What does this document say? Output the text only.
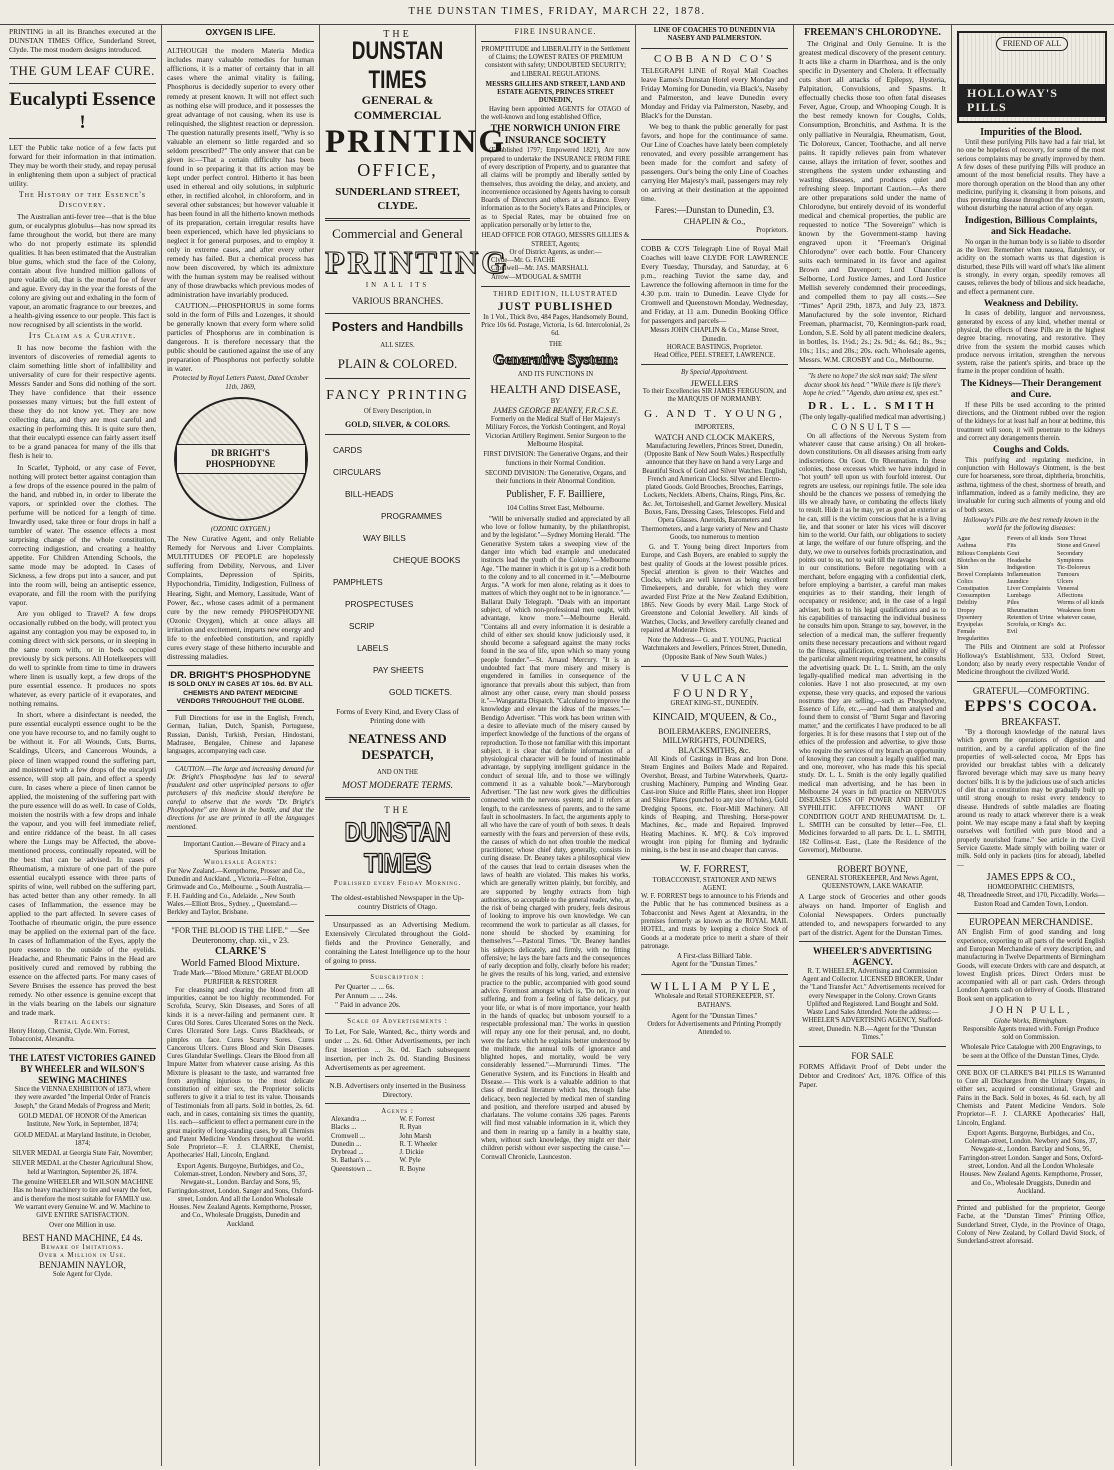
THE DUNSTAN TIMES, FRIDAY, MARCH 22, 1878.

PRINTING in all its Branches executed at the DUNSTAN TIMES Office, Sunderland Street, Clyde. The most modern designs introduced.

THE GUM LEAF CURE.
Eucalypti Essence !

LET the Public take notice of a few facts put forward for their information in that intimation. They may be worth their study, and repay perusal in enlightening them upon a subject of practical utility.

The History of the Essence's Discovery.

The Australian anti-fever tree—that is the blue gum, or eucalyptus globulus—has now spread its fame throughout the world, but there are many who do not properly estimate its splendid qualities. It has been estimated that the Australian blue gums, which stud the face of the Colony, contain about five hundred million gallons of pure volatile oil, that is the mortal foe of fever and ague. Every day in the year the forests of the colony are giving out and exhaling in the form of vapour, an aromatic fragrance to our breezes, and a health-giving essence to our people. This fact is now recognised by all scientists in the world.

Its Claim as a Curative.

It has now become the fashion with the inventors of discoveries of remedial agents to claim something little short of infallibility and universality of cure for their respective agents. Messrs Sander and Sons did nothing of the sort. They have confidence that their essence possesses many virtues; but the full extent of these they do not know yet. They are now collecting data, and they are most careful and exacting in performing this. It is quite sure then, that their eucalypti essence can fairly assert itself to be a grand panacea for many of the ills that flesh is heir to.

In Scarlet, Typhoid, or any case of Fever, nothing will protect better against contagion than a few drops of the essence poured in the palm of the hand, and rubbed in, in order to liberate the vapors, or sprinkled over the clothes. The perfume will be noticed for a length of time. Inwardly used, take three or four drops in half a tumbler of water. The essence effects a most surprising change of the whole constitution, correcting indigestion, and creating a healthy appetite. For Children Attending Schools, the same mode may be adopted. In Cases of Sickness, a few drops put into a saucer, and put into the room will, being an antiseptic essence, evaporate, and fill the room with the purifying vapor.

Are you obliged to Travel? A few drops occasionally rubbed on the body, will protect you against any contagion you may be exposed to, in coming direct with sick persons, or in sleeping in the same room with, or in beds occupied previously by sick persons. All Hotelkeepers will do well to sprinkle from time to time in drawers where linen is usually kept, a few drops of the pure essential essence. It produces no spots whatever, as every particle of it evaporates, and nothing remains.

In short, where a disinfectant is needed, the pure essential eucalypti essence ought to be the one you have recourse to, and no family ought to be without it. For all Wounds, Cuts, Burns, Scaldings, Ulcers, and Cancerous Wounds, a piece of linen wrapped round the suffering part, and moistened with a few drops of the eucalypti essence, will stop all pain, and effect a speedy cure. In cases where a piece of linen cannot be applied, the moistening of the suffering part with the pure essence will do as well. In case of Colds, moisten the nostrils with a few drops and inhale the vapour, and you will feel immediate relief, and entire riddance of the beast. In all cases where the Lungs may be Affected, the above-mentioned process, continually repeated, will be the best that can be advised. In cases of Rheumatism, a mixture of one part of the pure essential eucalypti essence with three parts of spirits of wine, well rubbed on the suffering part, has acted better than any other remedy. In all cases of Inflammation, the essence may be applied to the part affected. In severe cases of Toothache of rheumatic origin, the pure essence may be applied on the external part of the face. In cases of Inflammation of the Eyes, apply the pure essence to the outside of the eyelids. Headache, and Rheumatic Pains in the Head are positively cured and removed by rubbing the essence on the affected parts. For many cases of Severe Bruises the essence has proved the best remedy. No other essence is genuine except that in the vials bearing on the labels our signature and trade mark.

Retail Agents:

Henry Hotop, Chemist, Clyde. Wm. Forrest, Tobacconist, Alexandra.

THE LATEST VICTORIES GAINED BY WHEELER and WILSON'S SEWING MACHINES

Since the VIENNA EXHIBITION of 1873, where they were awarded "the Imperial Order of Francis Joseph," the Grand Medals of Progress and Merit;

GOLD MEDAL OF HONOR Of the American Institute, New York, in September, 1874;

GOLD MEDAL at Maryland Institute, in October, 1874;

SILVER MEDAL at Georgia State Fair, November;

SILVER MEDAL at the Chester Agricultural Show, held at Warrington, September 26, 1874.

The genuine WHEELER and WILSON MACHINE Has no heavy machinery to tire and weary the feet, and is therefore the most suitable for FAMILY use. We warrant every Genuine W. and W. Machine to GIVE ENTIRE SATISFACTION.

Over one Million in use.

BEST HAND MACHINE, £4 4s.
Beware of Imitations.
Over a Million in Use.
BENJAMIN NAYLOR,
Sole Agent for Clyde.
OXYGEN IS LIFE.

ALTHOUGH the modern Materia Medica includes many valuable remedies for human afflictions, it is a matter of certainty that in all cases where the animal vitality is failing, Phosphorus is decidedly superior to every other remedy at present known. It will not effect such as nothing else will produce, and it possesses the great advantage of not causing, when its use is relinquished, the slightest reaction or depression. The question naturally presents itself, "Why is so valuable an element so little regarded and so seldom prescribed?" The only answer that can be given is:—That a certain difficulty has been found in so preparing it that its action may be kept under perfect control. Hitherto it has been used in ethereal and oily solutions, in sulphuric ether, in rectified alcohol, in chloroform, and in several other substances; but however valuable it has been found in all the hitherto known methods of its preparation, certain irregular results have been experienced, which have led physicians to neglect it for general purposes, and to employ it only in extreme cases, and after every other remedy has failed. But a chemical process has now been discovered, by which its admixture with the human system may be realised without any of those drawbacks which previous modes of administration have invariably produced.

CAUTION.—PHOSPHORUS in some forms sold in the form of Pills and Lozenges, it should be generally known that every form where solid particles of Phosphorus are in combination is dangerous. It is therefore necessary that the public should be cautioned against the use of any preparation of Phosphorus not perfectly soluble in water.

Protected by Royal Letters Patent, Dated October 11th, 1869,
DR BRIGHT'S PHOSPHODYNE
(OZONIC OXYGEN.)

The New Curative Agent, and only Reliable Remedy for Nervous and Liver Complaints. MULTITUDES OF PEOPLE are hopelessly suffering from Debility, Nervous, and Liver Complaints, Depression of Spirits, Hypochondria, Timidity, Indigestion, Fullness of Hearing, Sight, and Memory, Lassitude, Want of Power, &c., whose cases admit of a permanent cure by the new remedy PHOSPHODYNE (Ozonic Oxygen), which at once allays all irritation and excitement, imparts new energy and life to the enfeebled constitution, and rapidly cures every stage of these hitherto incurable and distressing maladies.

DR. BRIGHT'S PHOSPHODYNE
IS SOLD ONLY IN CASES AT 10s. 6d. BY ALL CHEMISTS AND PATENT MEDICINE VENDORS THROUGHOUT THE GLOBE.

Full Directions for use in the English, French, German, Italian, Dutch, Spanish, Portuguese, Russian, Danish, Turkish, Persian, Hindostani, Madrasee, Bengalee, Chinese and Japanese languages, accompanying each case.

CAUTION.—The large and increasing demand for Dr. Bright's Phosphodyne has led to several fraudulent and other unprincipled persons to offer purchasers of this medicine should therefore be careful to observe that the words "Dr. Bright's Phosphodyne" are blown in the bottle, and that the directions for use are printed in all the languages mentioned.

Important Caution.—Beware of Piracy and a Spurious Imitation.

Wholesale Agents:

For New Zealand.—Kempthorne, Prosser and Co., Dunedin and Auckland. „ Victoria.—Felton, Grimwade and Co., Melbourne. „ South Australia.—F. H. Faulding and Co., Adelaide. „ New South Wales.—Elliott Bros., Sydney. „ Queensland.—Berkley and Taylor, Brisbane.

"FOR THE BLOOD IS THE LIFE." —See Deuteronomy, chap. xii., v 23.
CLARKE'S
World Famed Blood Mixture.
Trade Mark—"Blood Mixture." GREAT BLOOD PURIFIER & RESTORER

For cleansing and clearing the blood from all impurities, cannot be too highly recommended. For Scrofula, Scurvy, Skin Diseases, and Sores of all kinds it is a never-failing and permanent cure. It Cures Old Sores. Cures Ulcerated Sores on the Neck. Cures Ulcerated Sore Legs. Cures Blackheads, or pimples on face. Cures Scurvy Sores. Cures Cancerous Ulcers. Cures Blood and Skin Diseases. Cures Glandular Swellings. Clears the Blood from all Impure Matter from whatever cause arising. As this Mixture is pleasant to the taste, and warranted free from anything injurious to the most delicate constitution of either sex, the Proprietor solicits sufferers to give it a trial to test its value. Thousands of Testimonials from all parts. Sold in bottles, 2s. 6d. each, and in cases, containing six times the quantity, 11s. each—sufficient to effect a permanent cure in the great majority of long-standing cases, by all Chemists and Patent Medicine Vendors throughout the world. Sole Proprietor—F. J. CLARKE, Chemist, Apothecaries' Hall, Lincoln, England.

Export Agents. Burgoyne, Burbidges, and Co., Coleman-street, London. Newbery and Sons, 37, Newgate-st., London. Barclay and Sons, 95, Farringdon-street, London. Sanger and Sons, Oxford-street, London. And all the London Wholesale Houses. New Zealand Agents. Kempthorne, Prosser, and Co., Wholesale Druggists, Dunedin and Auckland.

THE
DUNSTAN TIMES
GENERAL & COMMERCIAL
PRINTING
OFFICE,
SUNDERLAND STREET, CLYDE.
Commercial and General
PRINTING
IN ALL ITS
VARIOUS BRANCHES.
Posters and Handbills
ALL SIZES.
PLAIN & COLORED.
FANCY PRINTING
Of Every Description, in
GOLD, SILVER, & COLORS.
CARDS
CIRCULARS
BILL-HEADS
PROGRAMMES
WAY BILLS
CHEQUE BOOKS
PAMPHLETS
PROSPECTUSES
SCRIP
LABELS
PAY SHEETS
GOLD TICKETS.

Forms of Every Kind, and Every Class of Printing done with

NEATNESS AND DESPATCH,
AND ON THE
MOST MODERATE TERMS.
THE
DUNSTAN TIMES
Published every Friday Morning.

The oldest-established Newspaper in the Up-country Districts of Otago.

Unsurpassed as an Advertising Medium. Extensively Circulated throughout the Gold-fields and the Province Generally, and containing the Latest Intelligence up to the hour of going to press.

Subscription :
Per Quarter ... ... 6s.
Per Annum ... ... 24s.
" Paid in advance 20s.
Scale of Advertisements :

To Let, For Sale, Wanted, &c., thirty words and under ... 2s. 6d. Other Advertisements, per inch first insertion ... 3s. 0d. Each subsequent insertion, per inch 2s. 0d. Standing Business Advertisements as per agreement.

N.B. Advertisers only inserted in the Business Directory.

Agents :
Alexandra ...	W. F. Forrest
Blacks ...	R. Ryan
Cromwell ...	John Marsh
Dunedin ...	R. T. Wheeler
Drybread ...	J. Dickie
St. Bathan's ...	W. Pyle
Queenstown ...	R. Boyne
FIRE INSURANCE.

PROMPTITUDE and LIBERALITY in the Settlement of Claims; the LOWEST RATES OF PREMIUM consistent with safety; UNDOUBTED SECURITY; and LIBERAL REGULATIONS.

MESSRS GILLIES AND STREET, LAND AND ESTATE AGENTS, PRINCES STREET DUNEDIN,

Having been appointed AGENTS for OTAGO of the well-known and long established Office,

THE NORWICH UNION FIRE INSURANCE SOCIETY

(Established 1797; Empowered 1821), Are now prepared to undertake the INSURANCE FROM FIRE of every description of Property, and to guarantee that all claims will be promptly and liberally settled by themselves, thus avoiding the delay, and anxiety, and inconvenience occasioned by Agents having to consult Boards of Directors and others at a distance. Every information as to the Society's Rates and Principles, or as to Special Rates, may be obtained free on application personally or by letter to the,

HEAD OFFICE FOR OTAGO, MESSRS GILLIES & STREET, Agents;
Or of District Agents, as under:—
Clyde—Mr. G. FACHE
Cromwell—Mr. JAS. MARSHALL
Arrow—M'DOUGAL & SMITH
THIRD EDITION, ILLUSTRATED
JUST PUBLISHED

In 1 Vol., Thick 8vo, 484 Pages, Handsomely Bound, Price 10s 6d. Postage, Victoria, 1s 6d. Intercolonial, 2s 6d.

THE
Generative System:
AND ITS FUNCTIONS IN
HEALTH AND DISEASE,
BY
JAMES GEORGE BEANEY, F.R.C.S.E.

Formerly on the Medical Staff of Her Majesty's Military Forces, the Yorkish Contingent, and Royal Victorian Artillery Regiment. Senior Surgeon to the Melbourne Hospital.

FIRST DIVISION: The Generative Organs, and their functions in their Normal Condition.

SECOND DIVISION: The Generative, Organs, and their functions in their Abnormal Condition.

Publisher, F. F. Bailliere,
104 Collins Street East, Melbourne.

"Will be universally studied and appreciated by all who love or follow humanity, by the philanthropist, and by the legislator."—Sydney Morning Herald. "The Generative System takes a sweeping view of the danger into which bad example and uneducated instincts lead the youth of the Colony."—Melbourne Age. "The manner in which it is got up is a credit both to the colony and to all concerned in it."—Melbourne Argus. "A work for men alone, relating as it does to matters of which they ought not to be in ignorance."—Ballarat Daily Telegraph. "Deals with an important subject, of which non-professional men ought, with advantage, know more."—Melbourne Herald. "Contains all and every information it is desirable a child of either sex should know judiciously used, it should become a safeguard against the many rocks found in the sea of life, upon which so many young people founder."—St. Arnaud Mercury. "It is an undoubted fact that more misery and misery is engendered in families in consequence of the ignorance that prevails about this subject, than from almost any other cause, every man should possess it."—Wangaratta Dispatch. "Calculated to improve the knowledge and elevate the ideas of the masses."—Bendigo Advertiser. "This work has been written with a desire to alleviate much of the misery caused by imperfect knowledge of the functions of the organs of reproduction. To those not familiar with this important subject, it is clear that definite information of a physiological character will be found of inestimable advantage, by supplying intelligent guidance in the conduct of sexual life, and to those we willingly commend it as a valuable book."—Maryborough Advertiser. "The last new work gives the difficulties connected with the nervous system; and it refers at length, to the carelessness of parents, and to the same fault in schoolmasters. In fact, the arguments apply to all who have the care of youth of both sexes. It deals earnestly with the fears and perversion of these evils, the causes of which do not often trouble the medical practitioner, whose chief duty, generally, consists in curing disease. Dr. Beaney takes a philosophical view of the causes that lead to certain diseases when the laws of health are violated. This makes his works, which are generally written plainly, but forcibly, and are supported by lengthy extracts from high authorities, so acceptable to the general reader, who, at the risk of being charged with prudery, feels desirous of looking to improve his own knowledge. We can recommend the work to particular as all classes, for none should be shocked by examining for themselves."—Pastoral Times. "Dr. Beaney handles his subjects delicately, and firmly, with no fitting offensive; he lays the bare facts and the consequences of early deception and folly, clearly before his reader; he gives the results of his long, varied, and extensive practice to the public, accompanied with good sound advice. Foremost amongst which is, 'Do not, in your suffering, and from a feeling of false delicacy, put your life, or what is of more importance, your health in the hands of quacks; but unbosom yourself to a respectable professional man.' The works in question will repay any one for their perusal, and, no doubt, were the facts which he explains better understood by the multitude, the annual tolls of ignorance and blighted hopes, and mortality, would be very considerably lessened."—Murrurundi Times. "The Generative System, and its Functions in Health and Disease.— This work is a valuable addition to that class of medical literature which has, through false delicacy, been neglected by medical men of standing and position, and therefore usurped and abused by charlatans. The volume contains 326 pages. Parents will find most valuable information in it, which they and them in rearing up a family in a healthy state, when, without such knowledge, they might err their children perish without ever suspecting the cause."—Cornwall Chronicle, Launceston.

LINE OF COACHES TO DUNEDIN VIA NASEBY AND PALMERSTON.
COBB AND CO'S

TELEGRAPH LINE of Royal Mail Coaches leave Eames's Dunstan Hotel every Monday and Friday Morning for Dunedin, via Black's, Naseby and Palmerston, and leave Dunedin every Monday and Friday via Palmerston, Naseby, and Black's for the Dunstan.

We beg to thank the public generally for past favors, and hope for the continuance of same. Our Line of Coaches have lately been completely renovated, and every possible arrangement has been made for the comfort and safety of passengers. Our's being the only Line of Coaches carrying Her Majesty's mail, passengers may rely on arriving at their destination at the appointed time.

Fares:—Dunstan to Dunedin, £3.
CHAPLIN & Co.,
Proprietors.

COBB & CO'S Telegraph Line of Royal Mail Coaches will leave CLYDE FOR LAWRENCE Every Tuesday, Thursday, and Saturday, at 6 p.m., reaching Tuviot the same day, and Lawrence the following afternoon in time for the 4.30 p.m. train to Dunedin. Leave Clyde for Cromwell and Queenstown Monday, Wednesday, and Friday, at 11 a.m. Dunedin Booking Office for passengers and parcels—

Messrs JOHN CHAPLIN & Co., Manse Street, Dunedin.
HORACE BASTINGS, Proprietor.
Head Office, PEEL STREET, LAWRENCE.
By Special Appointment.
JEWELLERS
To their Excellencies SIR JAMES FERGUSON, and the MARQUIS OF NORMANBY.
G. AND T. YOUNG,
IMPORTERS,
WATCH AND CLOCK MAKERS,

Manufacturing Jewellers, Princes Street, Dunedin, (Opposite Bank of New South Wales.) Respectfully announce that they have on hand a very Large and Beautiful Stock of Gold and Silver Watches. English, French and American Clocks. Silver and Electro-plated Goods. Gold Brooches, Brooches, Earrings, Lockets, Necklets. Alberts, Chains, Rings, Pins, &c. &c. Jet, Tortoiseshell, and Garnet Jewellery. Musical Boxes, Fans, Dressing Cases, Telescopes. Field and Opera Glasses. Aneroids, Barometers and Thermometers, and a large variety of New and Chaste Goods, too numerous to mention

G. and T. Young being direct Importers from Europe, and Cash Buyers, are enabled to supply the best quality of Goods at the lowest possible prices. Special attention is given to their Watches and Clocks, which are well known as being excellent Timekeepers, and durable, for which they were awarded First Prize at the New Zealand Exhibition, 1865. New Goods by every Mail. Large Stock of Greenstone and Colonial Jewellery. All kinds of Watches, Clocks, and Jewellery carefully cleaned and repaired at Moderate Prices.

Note the Address— G. and T. YOUNG, Practical Watchmakers and Jewellers, Princes Street, Dunedin, (Opposite Bank of New South Wales.)

VULCAN FOUNDRY,
GREAT KING-ST., DUNEDIN.
KINCAID, M'QUEEN, & Co.,
BOILERMAKERS, ENGINEERS, MILLWRIGHTS, FOUNDERS, BLACKSMITHS, &c.

All Kinds of Castings in Brass and Iron Done. Steam Engines and Boilers Made and Repaired. Overshot, Breast, and Turbine Waterwheels, Quartz-crushing Machinery, Pumping and Winding Gear. Cast-iron Sluice and Riffle Plates, sheet iron Hopper and Sluice Plates (punched to any size of holes), Gold Dredging Spoons, etc. Flour-Mill Machinery. All kinds of Reaping, and Threshing, Horse-power Machines, &c., made and Repaired. Improved Heating Machines. K. M'Q. & Co's improved wrought iron piping for fluming and hydraulic mining, is the best in use and cheaper than canvas.

W. F. FORREST,
TOBACCONIST, STATIONER AND NEWS AGENT.

W. F. FORREST begs to announce to his Friends and the Public that he has commenced business as a Tobacconist and News Agent at Alexandra, in the premises formerly as known as the ROYAL MAIL HOTEL, and trusts by keeping a choice Stock of Goods at a moderate price to merit a share of their patronage.

A First-class Billiard Table.
Agent for the "Dunstan Times."
WILLIAM PYLE,
Wholesale and Retail STOREKEEPER, ST. BATHAN'S.
Agent for the "Dunstan Times."
Orders for Advertisements and Printing Promptly Attended to.
FREEMAN'S CHLORODYNE.

The Original and Only Genuine. It is the greatest medical discovery of the present century. It acts like a charm in Diarrhœa, and is the only specific in Dysentery and Cholera. It effectually cuts short all attacks of Epilepsy, Hysteria, Palpitation, Convulsions, and Spasms. It effectually checks those too often fatal diseases Fever, Ague, Croup, and Whooping Cough. It is the best remedy known for Coughs, Colds, Consumption, Bronchitis, and Asthma. It is the only palliative in Neuralgia, Rheumatism, Gout, Tic Doloreux, Cancer, Toothache, and all nerve pains. It rapidly relieves pain from whatever cause, allays the irritation of fever, soothes and strengthens the system under exhausting and wasting diseases, and produces quiet and refreshing sleep. Important Caution.—As there are other preparations sold under the name of Chlorodyne, but entirely devoid of its wonderful medical and chemical properties, the public are requested to notice "The Sovereign" which is known by the Government-stamp having engraved upon it "Freeman's Original Chlorodyne" over each bottle. Four Chancery suits each terminated in its favor and against Brown and Davenport; Lord Chancellor Selborne, Lord Justice James, and Lord Justice Mellish severely condemned their proceedings, and compelled them to pay all costs.—See "Times" April 29th, 1873, and July 23, 1873. Manufactured by the sole inventor, Richard Freeman, pharmacist, 70, Kennington-park road, London, S.E. Sold by all patent medicine dealers, in bottles, 1s. 1½d.; 2s.; 2s. 9d.; 4s. 6d.; 8s., 9s.; 10s.; 11s.; and 20s.; 20s. each. Wholesale agents, Messrs. W.M. CROSBY and Co., Melbourne.

"Is there no hope? the sick man said; The silent doctor shook his head." "While there is life there's hope he cried." "Agendo, dum anima est, spes est."

DR. L. L. SMITH
(The only legally-qualified medical man advertising.)
CONSULTS—

On all affections of the Nervous System from whatever cause that cause arising.) On all broken-down constitutions. On all diseases arising from early indiscretions. On Gout. On Rheumatism. In these colonies, those excesses which we have indulged in "hot youth" tell upon us with fourfold interest. Our regrets are useless, our repinings futile. The sole idea should be the chances we possess of remedying the ills we already have, or combating the effects likely to result. Hide it as he may, yet as good an exterior as he can, still is the victim conscious that he is a living lie, and that sooner or later his vices will discover him to the world. Our faith, our obligations to society at large, the welfare of our future offspring, and the duty, we owe to ourselves forbids procrastination, and points out to us, not to wait till the ravages break out in our constitutions. Before negotiating with a merchant, before engaging with a confidential clerk, before employing a barrister, a careful man makes enquiries as to their standing, their length of occupancy or residence; and, in the case of a legal adviser, both as to his legal qualifications and as to his capabilities of transacting the individual business he consults him upon. Strange to say, however, in the selection of a medical man, the sufferer frequently omits these necessary precautions and without regard to the fitness, qualification, experience and ability of the particular ailment requiring treatment, he consults the advertising quack. Dr. L. L. Smith, am the only legally-qualified medical man advertising in the colonies. Have I not also prosecuted, at my own expense, these very quacks, and exposed the various nostrums they are selling,—such as Phosphodyne, Essence of Life, etc.,—and had them analysed and found them to consist of "Burnt Sugar and flavoring matter," and the certificates I have produced to be all forgeries. It is for these reasons that I step out of the ethics of the profession and advertise, to give those who require the services of my branch an opportunity of knowing they can consult a legally qualified man, and one, moreover, who has made this his special study. Dr. L. L. Smith is the only legally qualified medical man advertising, and he has been in Melbourne 24 years in full practice on NERVOUS DISEASES LOSS OF POWER AND DEBILITY SYPHILITIC AFFECTIONS WANT OF CONDITION GOUT AND RHEUMATISM. Dr. L. L. SMITH can be consulted by letter—Fee, £1. Medicines forwarded to all parts. Dr. L. L. SMITH, 182 Collins-st. East., (Late the Residence of the Governor), Melbourne.

ROBERT BOYNE,
GENERAL STOREKEEPER, And News Agent, QUEENSTOWN, LAKE WAKATIP.

A Large stock of Groceries and other goods always on hand. Importer of English and Colonial Newspapers. Orders punctually attended to, and newspapers forwarded to any part of the district. Agent for the Dunstan Times.

WHEELER'S ADVERTISING AGENCY.

R. T. WHEELER, Advertising and Commission Agent and Collector. LICENSED BROKER, Under the "Land Transfer Act." Advertisements received for every Newspaper in the Colony. Crown Grants Uplifted and Registered. Land Bought and Sold. Waste Land Sales Attended. Note the address:— WHEELER'S ADVERTISING AGENCY, Stafford-street, Dunedin. N.B.—Agent for the "Dunstan Times."

FOR SALE

FORMS Affidavit Proof of Debt under the Debtor and Creditors' Act, 1876. Office of this Paper.

FRIEND OF ALL
HOLLOWAY'S PILLS
Impurities of the Blood.

Until these purifying Pills have had a fair trial, let no one be hopeless of recovery, for some of the most serious complaints may be greatly improved by them. A few doses of these purifying Pills will produce an amount of the most beneficial results. They have a more thorough operation on the blood than any other medicine, purifying it, cleansing it from poisons, and thus preventing disease throughout the whole system, without disturbing the natural action of any organ.

Indigestion, Billious Complaints, and Sick Headache.

No organ in the human body is so liable to disorder as the liver. Remember when nausea, flatulency, or acidity on the stomach warns us that digestion is disturbed, these Pills will ward off what's like aliment is strongly, in every organ, speedily removes all causes, relieves the body of bilious and sick headache, and effect a permanent cure.

Weakness and Debility.

In cases of debility, languor and nervousness, generated by excess of any kind, whether mental or physical, the effects of these Pills are in the highest degree bracing, renovating, and restorative. They drive from the system the morbid causes which produce nervous irritation, strengthen the nervous system, raise the patient's spirits, and brace up the frame in the proper condition of health.

The Kidneys—Their Derangement and Cure.

If these Pills be used according to the printed directions, and the Ointment rubbed over the region of the kidneys for at least half an hour at bedtime, this treatment will soon, it will penetrate to the kidneys and correct any derangements therein.

Coughs and Colds.

This purifying and regulating medicine, in conjunction with Holloway's Ointment, is the best cure for hoarseness, sore throat, diphtheria, bronchitis, asthma, tightness of the chest, shortness of breath, and inflammation, indeed as a family medicine, they are invaluable for curing such ailments of young and old of both sexes.

Holloway's Pills are the best remedy known in the world for the following diseases:

Ague
Asthma
Bilious Complaints
Blotches on the Skin
Bowel Complaints
Colics
Constipation
Consumption
Debility
Dropsy
Dysentery
Erysipelas
Female Irregularities
Fevers of all kinds
Fits
Gout
Headache
Indigestion
Inflammation
Jaundice
Liver Complaints
Lumbago
Piles
Rheumatism
Retention of Urine
Scrofula, or King's Evil
Sore Throat
Stone and Gravel
Secondary Symptoms
Tic-Doloreux
Tumours
Ulcers
Venereal Affections
Worms of all kinds
Weakness from whatever cause, &c.

The Pills and Ointment are sold at Professor Holloway's Establishment, 533, Oxford Street, London; also by nearly every respectable Vendor of Medicine throughout the civilized World.

GRATEFUL—COMFORTING.
EPPS'S COCOA.
BREAKFAST.

"By a thorough knowledge of the natural laws which govern the operations of digestion and nutrition, and by a careful application of the fine properties of well-selected cocoa, Mr Epps has provided our breakfast tables with a delicately flavored beverage which may save us many heavy doctors' bills. It is by the judicious use of such articles of diet that a constitution may be gradually built up until strong enough to resist every tendency to disease. Hundreds of subtle maladies are floating around us ready to attack wherever there is a weak point. We may escape many a fatal shaft by keeping ourselves well fortified with pure blood and a properly nourished frame." See article in the Civil Service Gazette. Made simply with boiling water or milk. Sold only in packets (tins for abroad), labelled—

JAMES EPPS & CO.,
HOMŒOPATHIC CHEMISTS,
48, Threadneedle Street, and 170, Piccadilly. Works—Euston Road and Camden Town, London.
EUROPEAN MERCHANDISE.

AN English Firm of good standing and long experience, exporting to all parts of the world English and European Merchandise of every description, and manufacturing in Twelve Departments of Birmingham Goods, will execute Orders with care and despatch, at lowest English prices. Direct Orders must be accompanied with all or part cash. Orders through London Agents cash on delivery of Goods. Illustrated Book sent on application to

JOHN PULL,
Globe Works, Birmingham.

Responsible Agents treated with. Foreign Produce sold on Commission.

Wholesale Price Catalogue with 200 Engravings, to be seen at the Office of the Dunstan Times, Clyde.

ONE BOX OF CLARKE'S B41 PILLS IS Warranted to Cure all Discharges from the Urinary Organs, in either sex, acquired or constitutional, Gravel and Pains in the Back. Sold in boxes, 4s 6d. each, by all Chemists and Patent Medicine Vendors. Sole Proprietor—F. J. CLARKE Apothecaries' Hall, Lincoln, England.

Export Agents. Burgoyne, Burbidges, and Co., Coleman-street, London. Newbery and Sons, 37, Newgate-st., London. Barclay and Sons, 95, Farringdon-street London. Sanger and Sons, Oxford-street, London. And all the London Wholesale Houses. New Zealand Agents. Kempthorne, Prosser, and Co., Wholesale Druggists, Dunedin and Auckland.

Printed and published for the proprietor, George Fache, at the "Dunstan Times" Printing Office, Sunderland Street, Clyde, in the Province of Otago, Colony of New Zealand, by Collard David Stock, of Sunderland-street aforesaid.
